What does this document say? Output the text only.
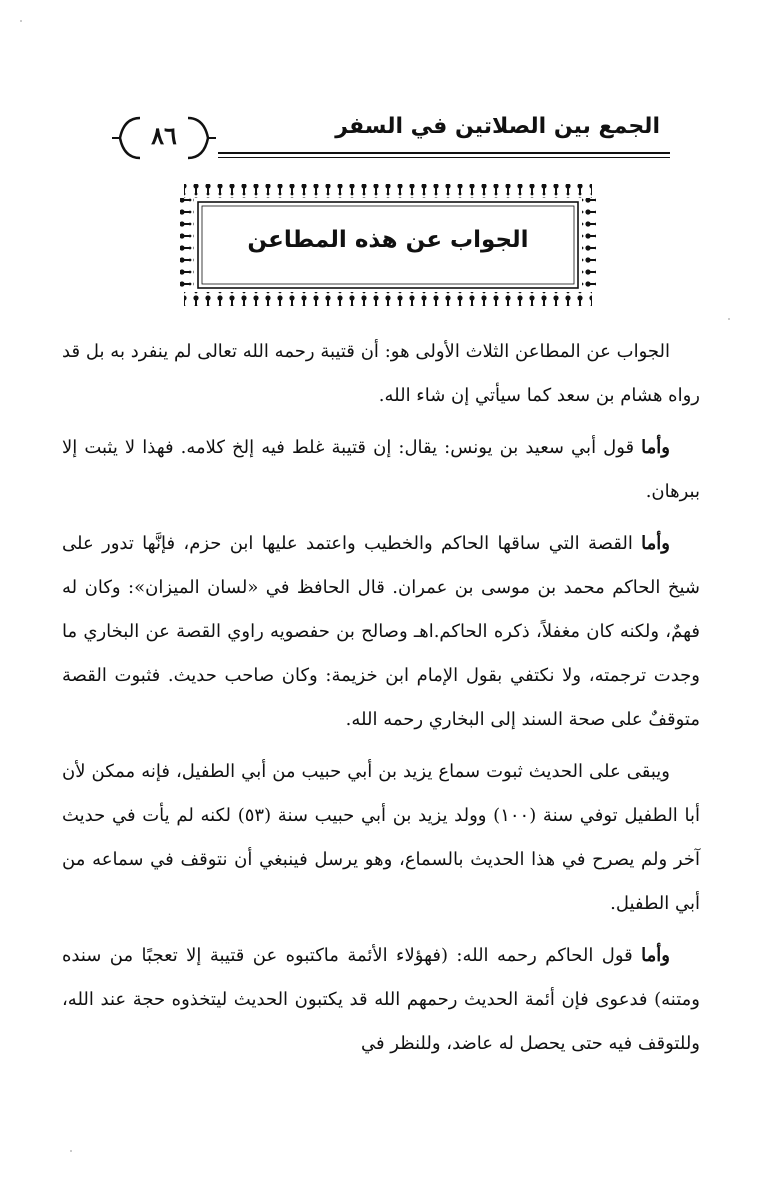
الجمع بين الصلاتين في السفر
٨٦
الجواب عن هذه المطاعن

الجواب عن المطاعن الثلاث الأولى هو: أن قتيبة رحمه الله تعالى لم ينفرد به بل قد رواه هشام بن سعد كما سيأتي إن شاء الله.

وأما قول أبي سعيد بن يونس: يقال: إن قتيبة غلط فيه إلخ كلامه. فهذا لا يثبت إلا ببرهان.

وأما القصة التي ساقها الحاكم والخطيب واعتمد عليها ابن حزم، فإنَّها تدور على شيخ الحاكم محمد بن موسى بن عمران. قال الحافظ في «لسان الميزان»: وكان له فهمٌ، ولكنه كان مغفلاً، ذكره الحاكم.اهـ وصالح بن حفصويه راوي القصة عن البخاري ما وجدت ترجمته، ولا نكتفي بقول الإمام ابن خزيمة: وكان صاحب حديث. فثبوت القصة متوقفٌ على صحة السند إلى البخاري رحمه الله.

ويبقى على الحديث ثبوت سماع يزيد بن أبي حبيب من أبي الطفيل، فإنه ممكن لأن أبا الطفيل توفي سنة (١٠٠) وولد يزيد بن أبي حبيب سنة (٥٣) لكنه لم يأت في حديث آخر ولم يصرح في هذا الحديث بالسماع، وهو يرسل فينبغي أن نتوقف في سماعه من أبي الطفيل.

وأما قول الحاكم رحمه الله: (فهؤلاء الأئمة ماكتبوه عن قتيبة إلا تعجبًا من سنده ومتنه) فدعوى فإن أئمة الحديث رحمهم الله قد يكتبون الحديث ليتخذوه حجة عند الله، وللتوقف فيه حتى يحصل له عاضد، وللنظر في
